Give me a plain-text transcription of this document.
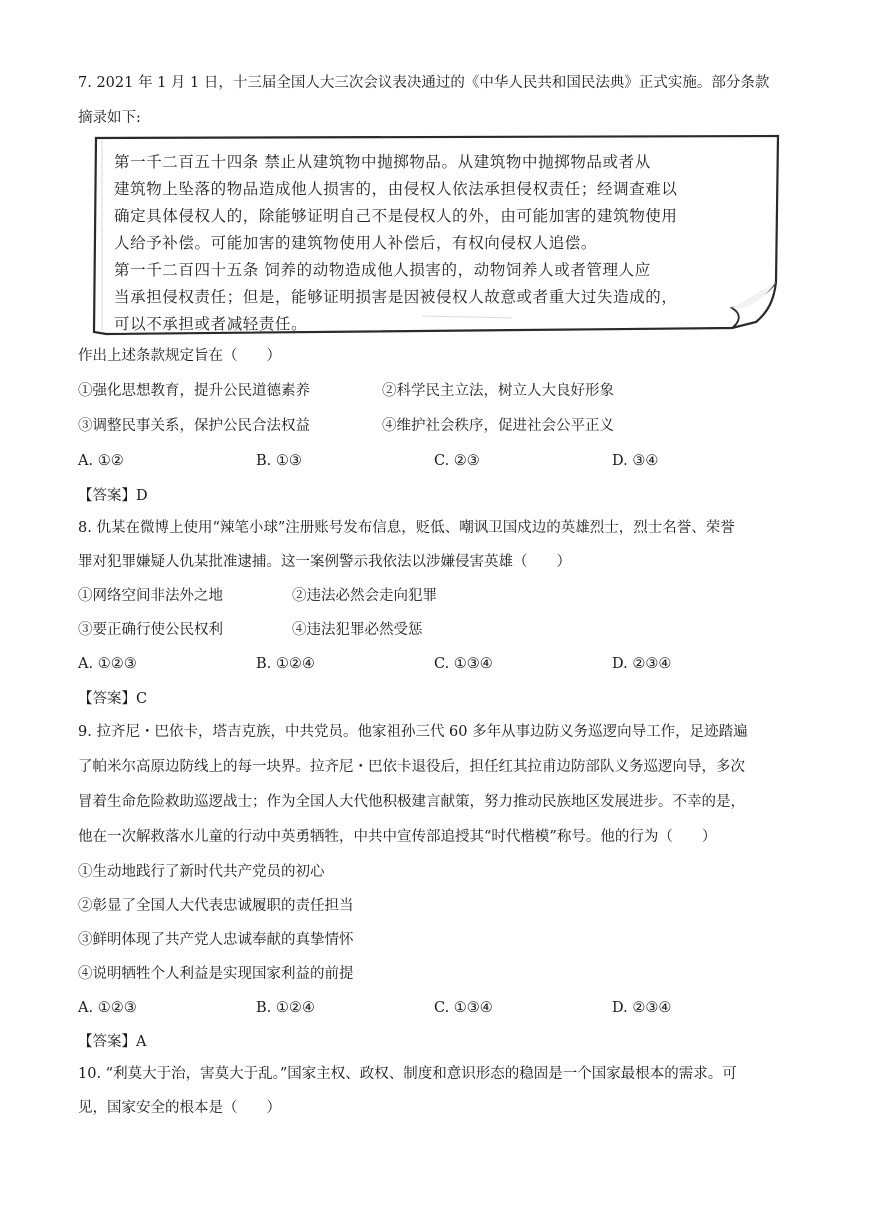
7. 2021 年 1 月 1 日，十三届全国人大三次会议表决通过的《中华人民共和国民法典》正式实施。部分条款
摘录如下:
第一千二百五十四条 禁止从建筑物中抛掷物品。从建筑物中抛掷物品或者从
建筑物上坠落的物品造成他人损害的，由侵权人依法承担侵权责任；经调查难以
确定具体侵权人的，除能够证明自己不是侵权人的外，由可能加害的建筑物使用
人给予补偿。可能加害的建筑物使用人补偿后，有权向侵权人追偿。
第一千二百四十五条 饲养的动物造成他人损害的，动物饲养人或者管理人应
当承担侵权责任；但是，能够证明损害是因被侵权人故意或者重大过失造成的，
可以不承担或者减轻责任。
作出上述条款规定旨在（　　）
①强化思想教育，提升公民道德素养	②科学民主立法，树立人大良好形象
③调整民事关系，保护公民合法权益	④维护社会秩序，促进社会公平正义
A. ①②	B. ①③	C. ②③	D. ③④
【答案】D
8. 仇某在微博上使用“辣笔小球”注册账号发布信息，贬低、嘲讽卫国戍边的英雄烈士，烈士名誉、荣誉
罪对犯罪嫌疑人仇某批准逮捕。这一案例警示我依法以涉嫌侵害英雄（　　）
①网络空间非法外之地	②违法必然会走向犯罪
③要正确行使公民权利	④违法犯罪必然受惩
A. ①②③	B. ①②④	C. ①③④	D. ②③④
【答案】C
9. 拉齐尼・巴依卡，塔吉克族，中共党员。他家祖孙三代 60 多年从事边防义务巡逻向导工作，足迹踏遍
了帕米尔高原边防线上的每一块界。拉齐尼・巴依卡退役后，担任红其拉甫边防部队义务巡逻向导，多次
冒着生命危险救助巡逻战士；作为全国人大代他积极建言献策，努力推动民族地区发展进步。不幸的是，
他在一次解救落水儿童的行动中英勇牺牲，中共中宣传部追授其“时代楷模”称号。他的行为（　　）
①生动地践行了新时代共产党员的初心
②彰显了全国人大代表忠诚履职的责任担当
③鲜明体现了共产党人忠诚奉献的真挚情怀
④说明牺牲个人利益是实现国家利益的前提
A. ①②③	B. ①②④	C. ①③④	D. ②③④
【答案】A
10. “利莫大于治，害莫大于乱。”国家主权、政权、制度和意识形态的稳固是一个国家最根本的需求。可
见，国家安全的根本是（　　）
